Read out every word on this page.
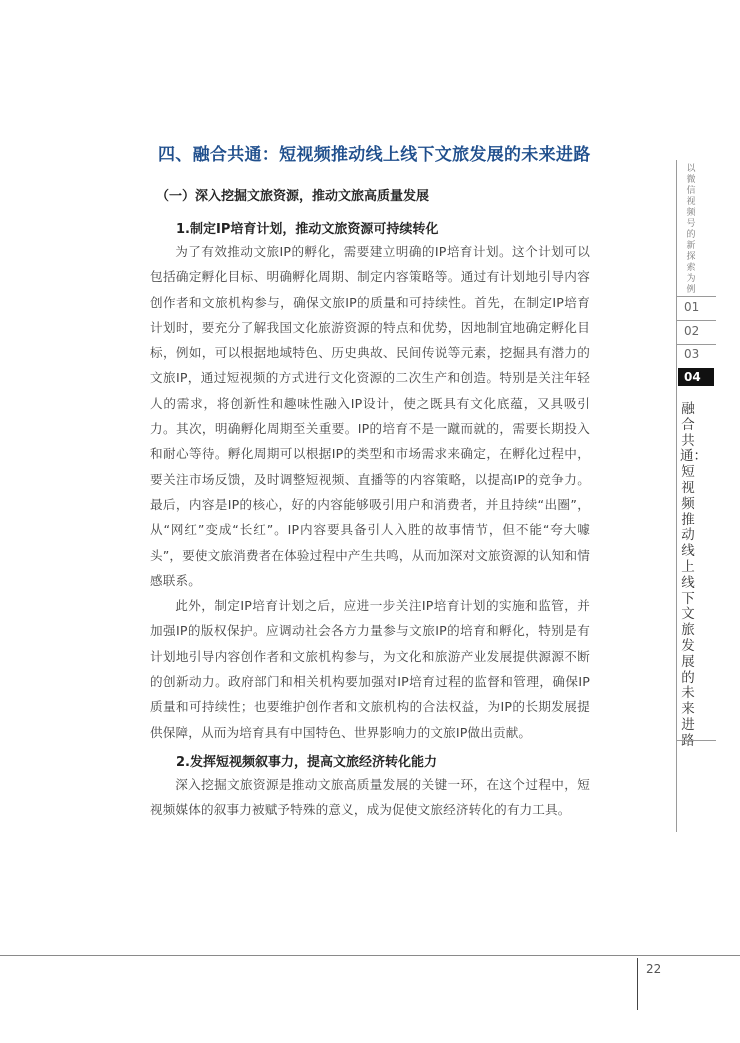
四、融合共通：短视频推动线上线下文旅发展的未来进路
（一）深入挖掘文旅资源，推动文旅高质量发展
1.制定IP培育计划，推动文旅资源可持续转化

为了有效推动文旅IP的孵化，需要建立明确的IP培育计划。这个计划可以包括确定孵化目标、明确孵化周期、制定内容策略等。通过有计划地引导内容创作者和文旅机构参与，确保文旅IP的质量和可持续性。首先，在制定IP培育计划时，要充分了解我国文化旅游资源的特点和优势，因地制宜地确定孵化目标，例如，可以根据地域特色、历史典故、民间传说等元素，挖掘具有潜力的文旅IP，通过短视频的方式进行文化资源的二次生产和创造。特别是关注年轻人的需求，将创新性和趣味性融入IP设计，使之既具有文化底蕴，又具吸引力。其次，明确孵化周期至关重要。IP的培育不是一蹴而就的，需要长期投入和耐心等待。孵化周期可以根据IP的类型和市场需求来确定，在孵化过程中，要关注市场反馈，及时调整短视频、直播等的内容策略，以提高IP的竞争力。最后，内容是IP的核心，好的内容能够吸引用户和消费者，并且持续“出圈”，从“网红”变成“长红”。IP内容要具备引人入胜的故事情节，但不能“夸大噱头”，要使文旅消费者在体验过程中产生共鸣，从而加深对文旅资源的认知和情感联系。

此外，制定IP培育计划之后，应进一步关注IP培育计划的实施和监管，并加强IP的版权保护。应调动社会各方力量参与文旅IP的培育和孵化，特别是有计划地引导内容创作者和文旅机构参与，为文化和旅游产业发展提供源源不断的创新动力。政府部门和相关机构要加强对IP培育过程的监督和管理，确保IP质量和可持续性；也要维护创作者和文旅机构的合法权益，为IP的长期发展提供保障，从而为培育具有中国特色、世界影响力的文旅IP做出贡献。

2.发挥短视频叙事力，提高文旅经济转化能力

深入挖掘文旅资源是推动文旅高质量发展的关键一环，在这个过程中，短视频媒体的叙事力被赋予特殊的意义，成为促使文旅经济转化的有力工具。

以微信视频号的新探索为例
01
02
03
04
融合共通：短视频推动线上线下文旅发展的未来进路
22
